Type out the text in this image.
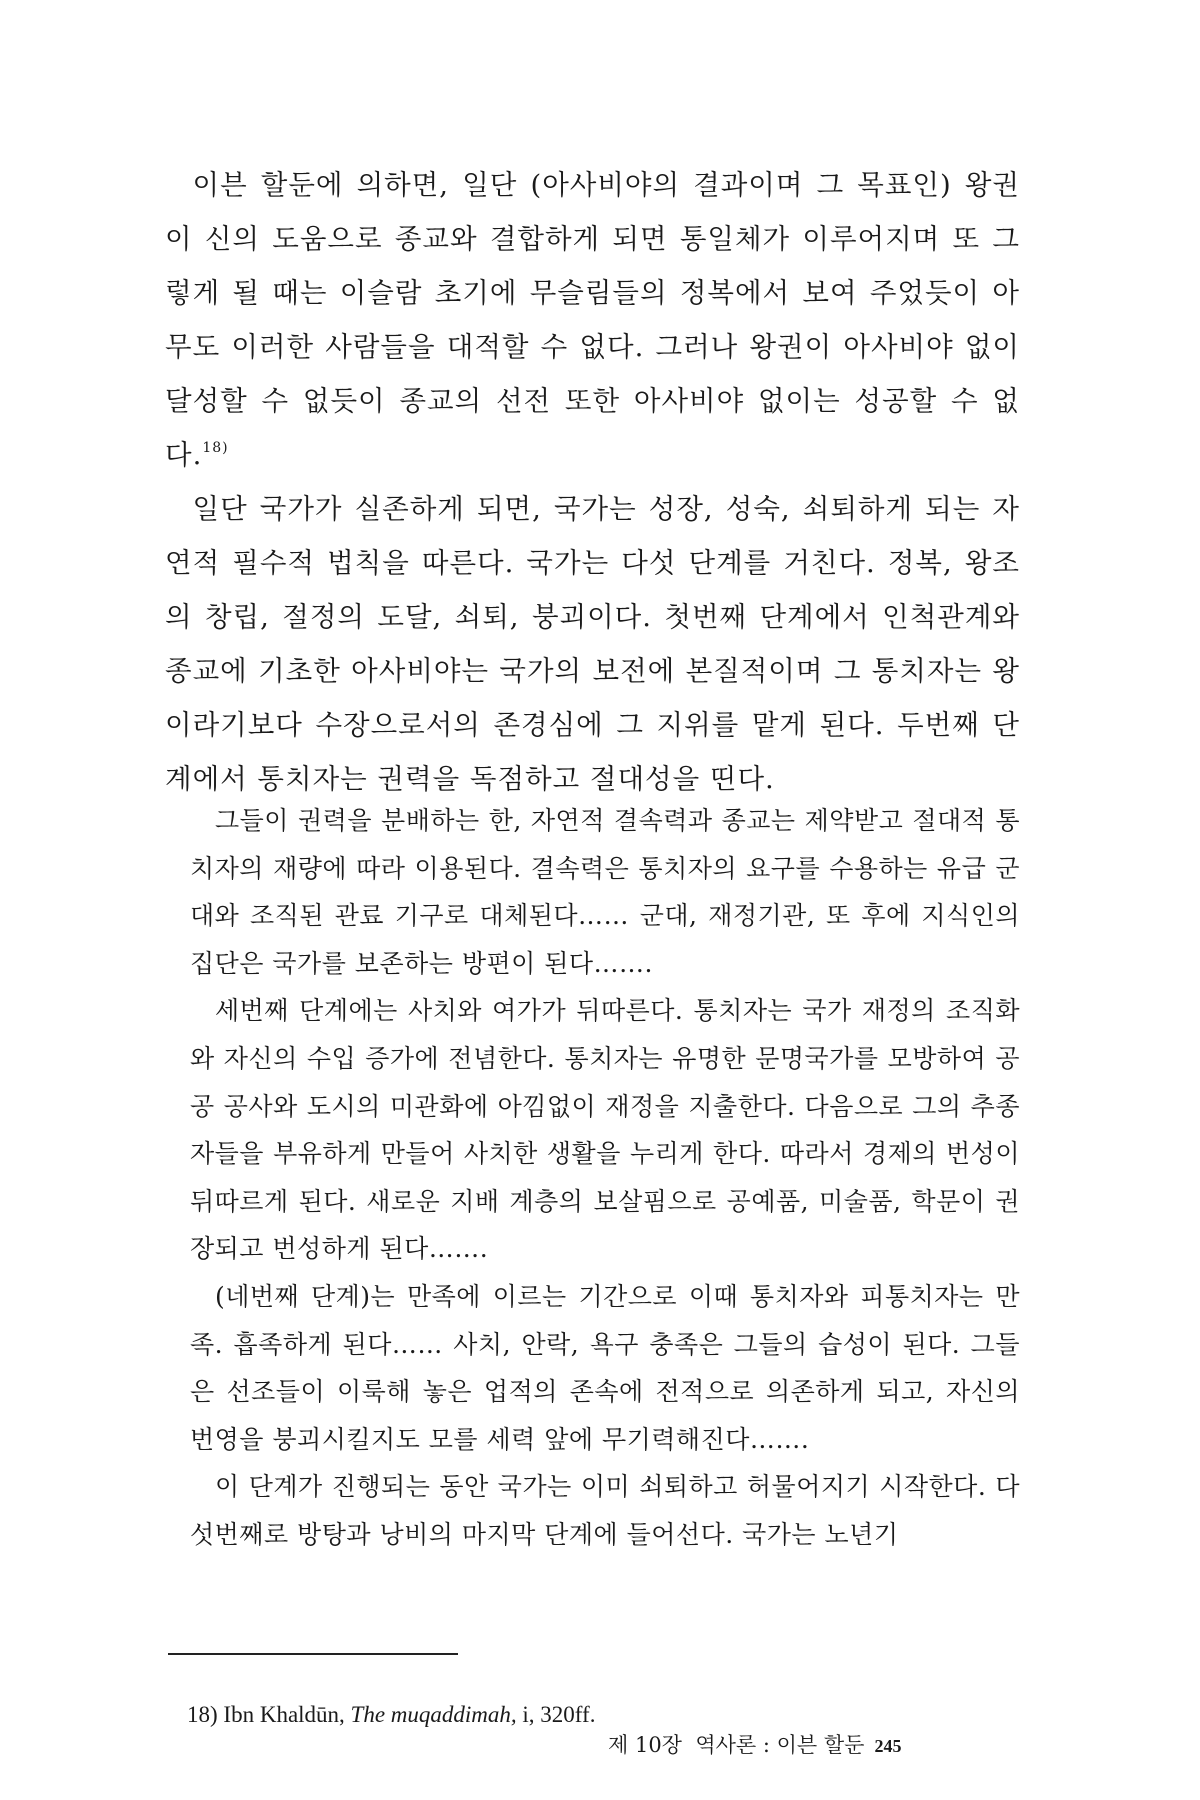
이븐 할둔에 의하면, 일단 (아사비야의 결과이며 그 목표인) 왕권이 신의 도움으로 종교와 결합하게 되면 통일체가 이루어지며 또 그렇게 될 때는 이슬람 초기에 무슬림들의 정복에서 보여 주었듯이 아무도 이러한 사람들을 대적할 수 없다. 그러나 왕권이 아사비야 없이 달성할 수 없듯이 종교의 선전 또한 아사비야 없이는 성공할 수 없다.$^{18)}$

일단 국가가 실존하게 되면, 국가는 성장, 성숙, 쇠퇴하게 되는 자연적 필수적 법칙을 따른다. 국가는 다섯 단계를 거친다. 정복, 왕조의 창립, 절정의 도달, 쇠퇴, 붕괴이다. 첫번째 단계에서 인척관계와 종교에 기초한 아사비야는 국가의 보전에 본질적이며 그 통치자는 왕이라기보다 수장으로서의 존경심에 그 지위를 맡게 된다. 두번째 단계에서 통치자는 권력을 독점하고 절대성을 띤다.

그들이 권력을 분배하는 한, 자연적 결속력과 종교는 제약받고 절대적 통치자의 재량에 따라 이용된다. 결속력은 통치자의 요구를 수용하는 유급 군대와 조직된 관료 기구로 대체된다…… 군대, 재정기관, 또 후에 지식인의 집단은 국가를 보존하는 방편이 된다…….

세번째 단계에는 사치와 여가가 뒤따른다. 통치자는 국가 재정의 조직화와 자신의 수입 증가에 전념한다. 통치자는 유명한 문명국가를 모방하여 공공 공사와 도시의 미관화에 아낌없이 재정을 지출한다. 다음으로 그의 추종자들을 부유하게 만들어 사치한 생활을 누리게 한다. 따라서 경제의 번성이 뒤따르게 된다. 새로운 지배 계층의 보살핌으로 공예품, 미술품, 학문이 권장되고 번성하게 된다…….

(네번째 단계)는 만족에 이르는 기간으로 이때 통치자와 피통치자는 만족. 흡족하게 된다…… 사치, 안락, 욕구 충족은 그들의 습성이 된다. 그들은 선조들이 이룩해 놓은 업적의 존속에 전적으로 의존하게 되고, 자신의 번영을 붕괴시킬지도 모를 세력 앞에 무기력해진다…….

이 단계가 진행되는 동안 국가는 이미 쇠퇴하고 허물어지기 시작한다. 다섯번째로 방탕과 낭비의 마지막 단계에 들어선다. 국가는 노년기

18) Ibn Khaldūn, The muqaddimah, i, 320ff.
제 10장  역사론 : 이븐 할둔 245
